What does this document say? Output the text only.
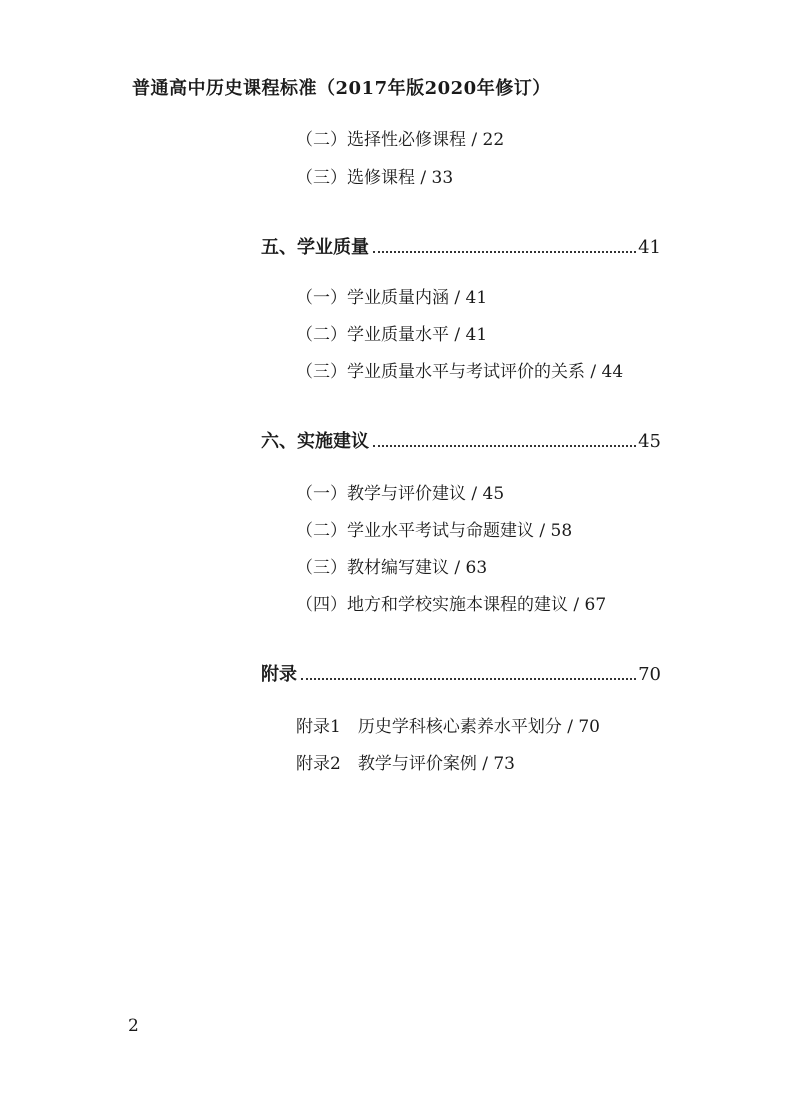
普通高中历史课程标准（2017年版2020年修订）
（二）选择性必修课程 / 22
（三）选修课程 / 33
五、学业质量	41
（一）学业质量内涵 / 41
（二）学业质量水平 / 41
（三）学业质量水平与考试评价的关系 / 44
六、实施建议	45
（一）教学与评价建议 / 45
（二）学业水平考试与命题建议 / 58
（三）教材编写建议 / 63
（四）地方和学校实施本课程的建议 / 67
附录	70
附录1　历史学科核心素养水平划分 / 70
附录2　教学与评价案例 / 73
2
